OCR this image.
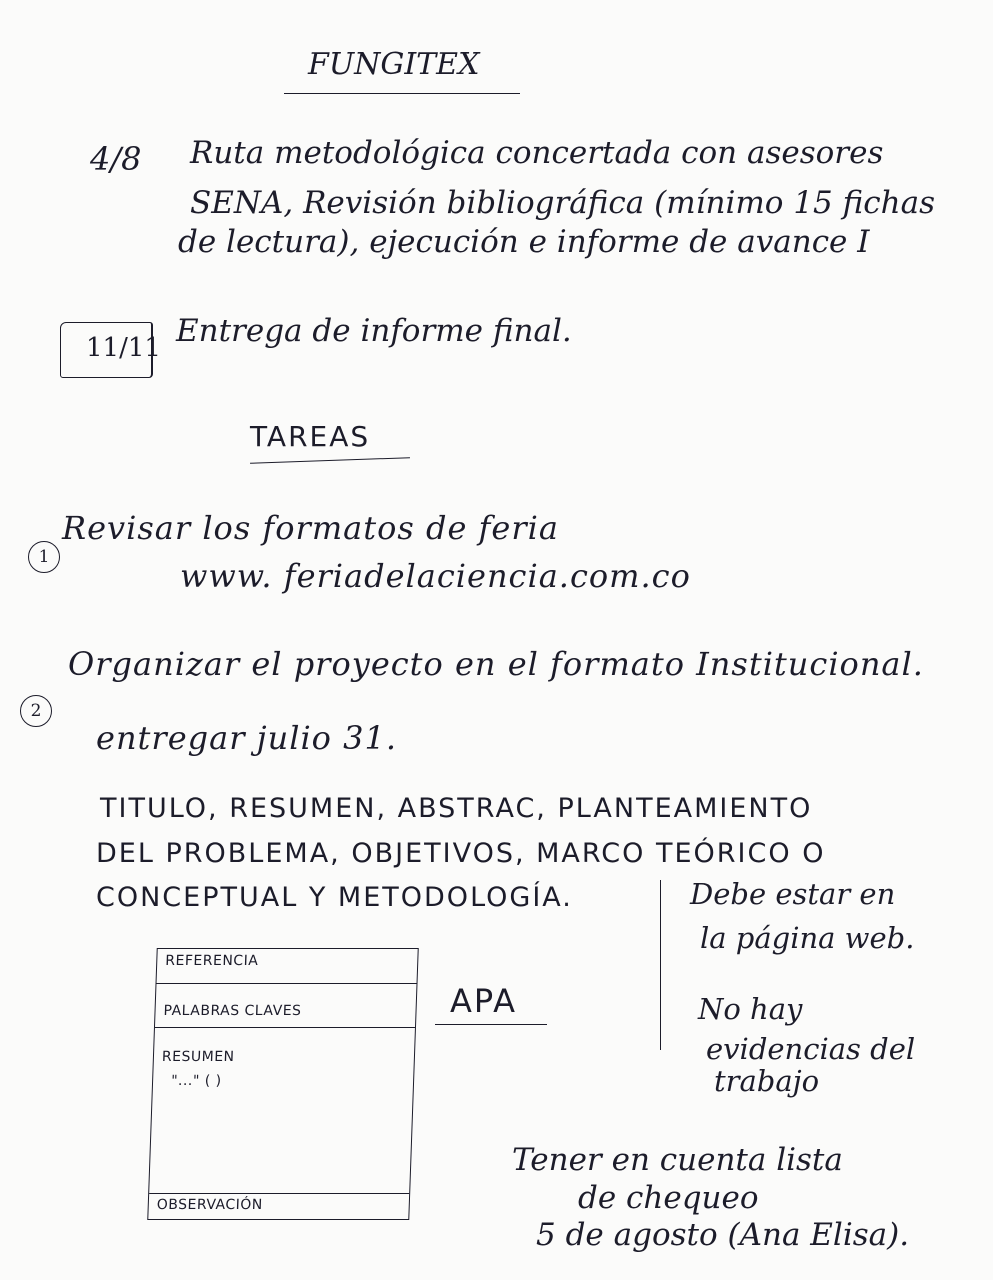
FUNGITEX
4/8 Ruta metodológica concertada con asesores
SENA, Revisión bibliográfica (mínimo 15 fichas
de lectura), ejecución e informe de avance I
11/11 Entrega de informe final.
TAREAS
1
Revisar los formatos de feria
www. feriadelaciencia.com.co
2
Organizar el proyecto en el formato Institucional.
entregar julio 31.
TITULO, RESUMEN, ABSTRAC, PLANTEAMIENTO
DEL PROBLEMA, OBJETIVOS, MARCO TEÓRICO O
CONCEPTUAL Y METODOLOGÍA.	Debe estar en
la página web.
No hay
evidencias del
trabajo
REFERENCIA
PALABRAS CLAVES
RESUMEN
"..." ( )
OBSERVACIÓN
APA
Tener en cuenta lista
de chequeo
5 de agosto (Ana Elisa).
